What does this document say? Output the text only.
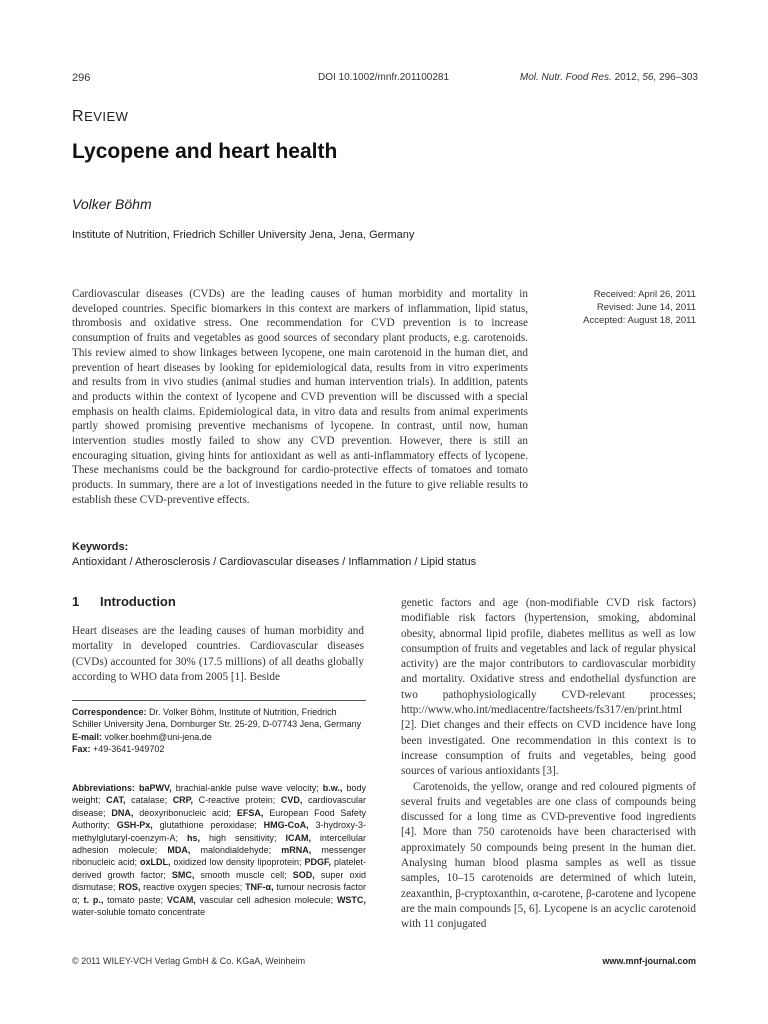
296	DOI 10.1002/mnfr.201100281	Mol. Nutr. Food Res. 2012, 56, 296–303
REVIEW
Lycopene and heart health
Volker Böhm
Institute of Nutrition, Friedrich Schiller University Jena, Jena, Germany

Cardiovascular diseases (CVDs) are the leading causes of human morbidity and mortality in developed countries. Specific biomarkers in this context are markers of inflammation, lipid status, thrombosis and oxidative stress. One recommendation for CVD prevention is to increase consumption of fruits and vegetables as good sources of secondary plant products, e.g. carotenoids. This review aimed to show linkages between lycopene, one main carotenoid in the human diet, and prevention of heart diseases by looking for epidemiological data, results from in vitro experiments and results from in vivo studies (animal studies and human intervention trials). In addition, patents and products within the context of lycopene and CVD prevention will be discussed with a special emphasis on health claims. Epidemiological data, in vitro data and results from animal experiments partly showed promising preventive mechanisms of lycopene. In contrast, until now, human intervention studies mostly failed to show any CVD prevention. However, there is still an encouraging situation, giving hints for antioxidant as well as anti-inflammatory effects of lycopene. These mechanisms could be the background for cardio-protective effects of tomatoes and tomato products. In summary, there are a lot of investigations needed in the future to give reliable results to establish these CVD-preventive effects.

Received: April 26, 2011
Revised: June 14, 2011
Accepted: August 18, 2011
Keywords:
Antioxidant / Atherosclerosis / Cardiovascular diseases / Inflammation / Lipid status
1 Introduction

Heart diseases are the leading causes of human morbidity and mortality in developed countries. Cardiovascular diseases (CVDs) accounted for 30% (17.5 millions) of all deaths globally according to WHO data from 2005 [1]. Beside

Correspondence: Dr. Volker Böhm, Institute of Nutrition, Friedrich Schiller University Jena, Dornburger Str. 25-29, D-07743 Jena, Germany
E-mail: volker.boehm@uni-jena.de
Fax: +49-3641-949702

Abbreviations: baPWV, brachial-ankle pulse wave velocity; b.w., body weight; CAT, catalase; CRP, C-reactive protein; CVD, cardiovascular disease; DNA, deoxyribonucleic acid; EFSA, European Food Safety Authority; GSH-Px, glutathione peroxidase; HMG-CoA, 3-hydroxy-3-methylglutaryl-coenzym-A; hs, high sensitivity; ICAM, intercellular adhesion molecule; MDA, malondialdehyde; mRNA, messenger ribonucleic acid; oxLDL, oxidized low density lipoprotein; PDGF, platelet-derived growth factor; SMC, smooth muscle cell; SOD, super oxid dismutase; ROS, reactive oxygen species; TNF-α, tumour necrosis factor α; t. p., tomato paste; VCAM, vascular cell adhesion molecule; WSTC, water-soluble tomato concentrate

genetic factors and age (non-modifiable CVD risk factors) modifiable risk factors (hypertension, smoking, abdominal obesity, abnormal lipid profile, diabetes mellitus as well as low consumption of fruits and vegetables and lack of regular physical activity) are the major contributors to cardiovascular morbidity and mortality. Oxidative stress and endothelial dysfunction are two pathophysiologically CVD-relevant processes; http://www.who.int/mediacentre/factsheets/fs317/en/print.html [2]. Diet changes and their effects on CVD incidence have long been investigated. One recommendation in this context is to increase consumption of fruits and vegetables, being good sources of various antioxidants [3].

Carotenoids, the yellow, orange and red coloured pigments of several fruits and vegetables are one class of compounds being discussed for a long time as CVD-preventive food ingredients [4]. More than 750 carotenoids have been characterised with approximately 50 compounds being present in the human diet. Analysing human blood plasma samples as well as tissue samples, 10–15 carotenoids are determined of which lutein, zeaxanthin, β-cryptoxanthin, α-carotene, β-carotene and lycopene are the main compounds [5, 6]. Lycopene is an acyclic carotenoid with 11 conjugated

© 2011 WILEY-VCH Verlag GmbH & Co. KGaA, Weinheim	www.mnf-journal.com
